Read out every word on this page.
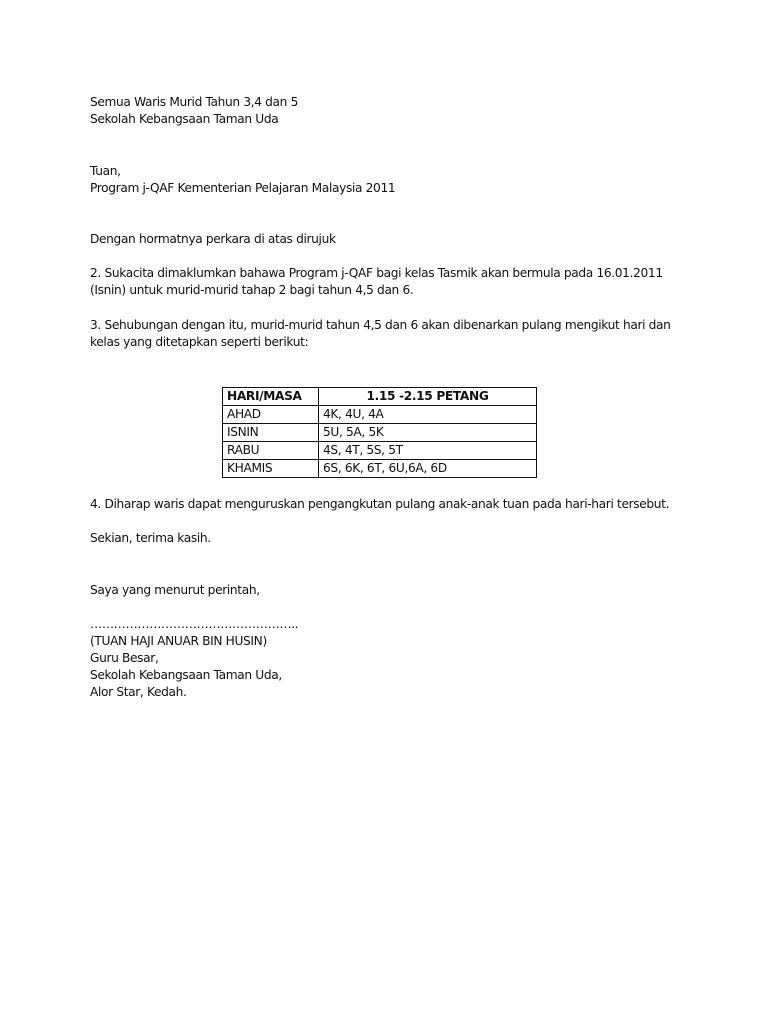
Semua Waris Murid Tahun 3,4 dan 5
Sekolah Kebangsaan Taman Uda
Tuan,
Program j-QAF Kementerian Pelajaran Malaysia 2011
Dengan hormatnya perkara di atas dirujuk
2. Sukacita dimaklumkan bahawa Program j-QAF bagi kelas Tasmik akan bermula pada 16.01.2011
(Isnin) untuk murid-murid tahap 2 bagi tahun 4,5 dan 6.
3. Sehubungan dengan itu, murid-murid tahun 4,5 dan 6 akan dibenarkan pulang mengikut hari dan
kelas yang ditetapkan seperti berikut:
HARI/MASA	1.15 -2.15 PETANG
AHAD	4K, 4U, 4A
ISNIN	5U, 5A, 5K
RABU	4S, 4T, 5S, 5T
KHAMIS	6S, 6K, 6T, 6U,6A, 6D
4. Diharap waris dapat menguruskan pengangkutan pulang anak-anak tuan pada hari-hari tersebut.
Sekian, terima kasih.
Saya yang menurut perintah,
……………………………………………..
(TUAN HAJI ANUAR BIN HUSIN)
Guru Besar,
Sekolah Kebangsaan Taman Uda,
Alor Star, Kedah.
